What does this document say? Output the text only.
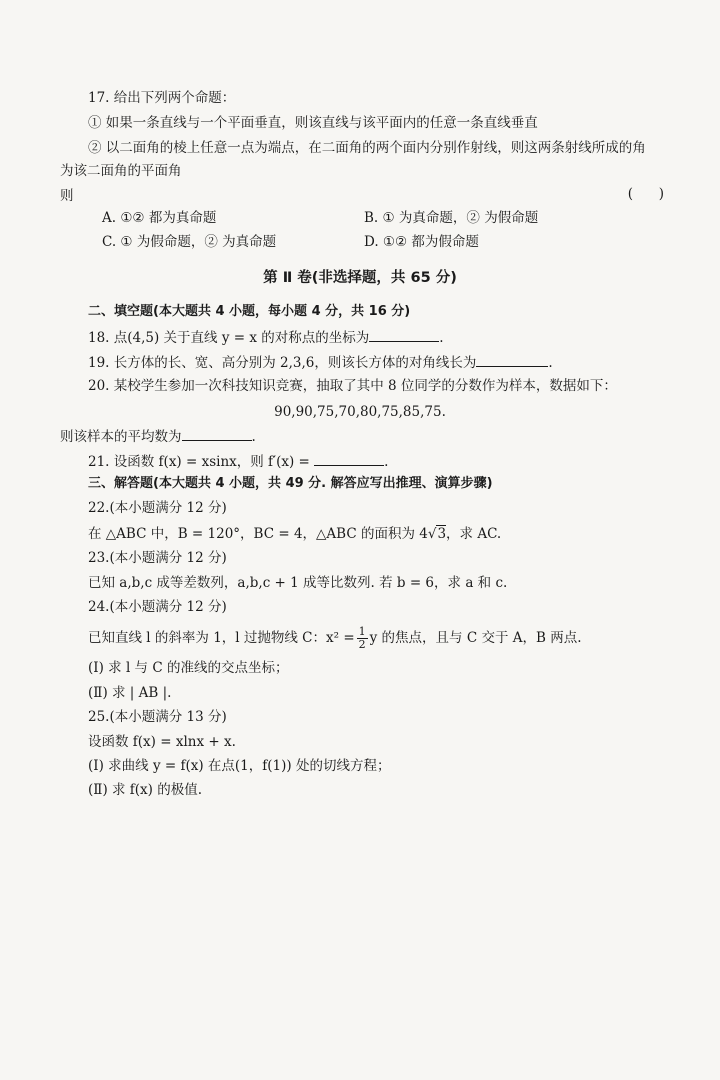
17. 给出下列两个命题：
① 如果一条直线与一个平面垂直，则该直线与该平面内的任意一条直线垂直
② 以二面角的棱上任意一点为端点，在二面角的两个面内分别作射线，则这两条射线所成的角
为该二面角的平面角
则	(      )
A. ①② 都为真命题	B. ① 为真命题，② 为假命题
C. ① 为假命题，② 为真命题	D. ①② 都为假命题
第 Ⅱ 卷(非选择题，共 65 分)
二、填空题(本大题共 4 小题，每小题 4 分，共 16 分)
18. 点(4,5) 关于直线 y = x 的对称点的坐标为	.
19. 长方体的长、宽、高分别为 2,3,6，则该长方体的对角线长为	.
20. 某校学生参加一次科技知识竞赛，抽取了其中 8 位同学的分数作为样本，数据如下：
90,90,75,70,80,75,85,75.
则该样本的平均数为	.
21. 设函数 f(x) = xsinx，则 f′(x) =	.
三、解答题(本大题共 4 小题，共 49 分. 解答应写出推理、演算步骤)
22.(本小题满分 12 分)
在 △ABC 中，B = 120°，BC = 4，△ABC 的面积为 4√3，求 AC.
23.(本小题满分 12 分)
已知 a,b,c 成等差数列，a,b,c + 1 成等比数列. 若 b = 6，求 a 和 c.
24.(本小题满分 12 分)
已知直线 l 的斜率为 1，l 过抛物线 C：$x^2 = \frac{1}{2}$ y 的焦点，且与 C 交于 A，B 两点.
(Ⅰ) 求 l 与 C 的准线的交点坐标；
(Ⅱ) 求 | AB |.
25.(本小题满分 13 分)
设函数 f(x) = xlnx + x.
(Ⅰ) 求曲线 y = f(x) 在点(1，f(1)) 处的切线方程；
(Ⅱ) 求 f(x) 的极值.
